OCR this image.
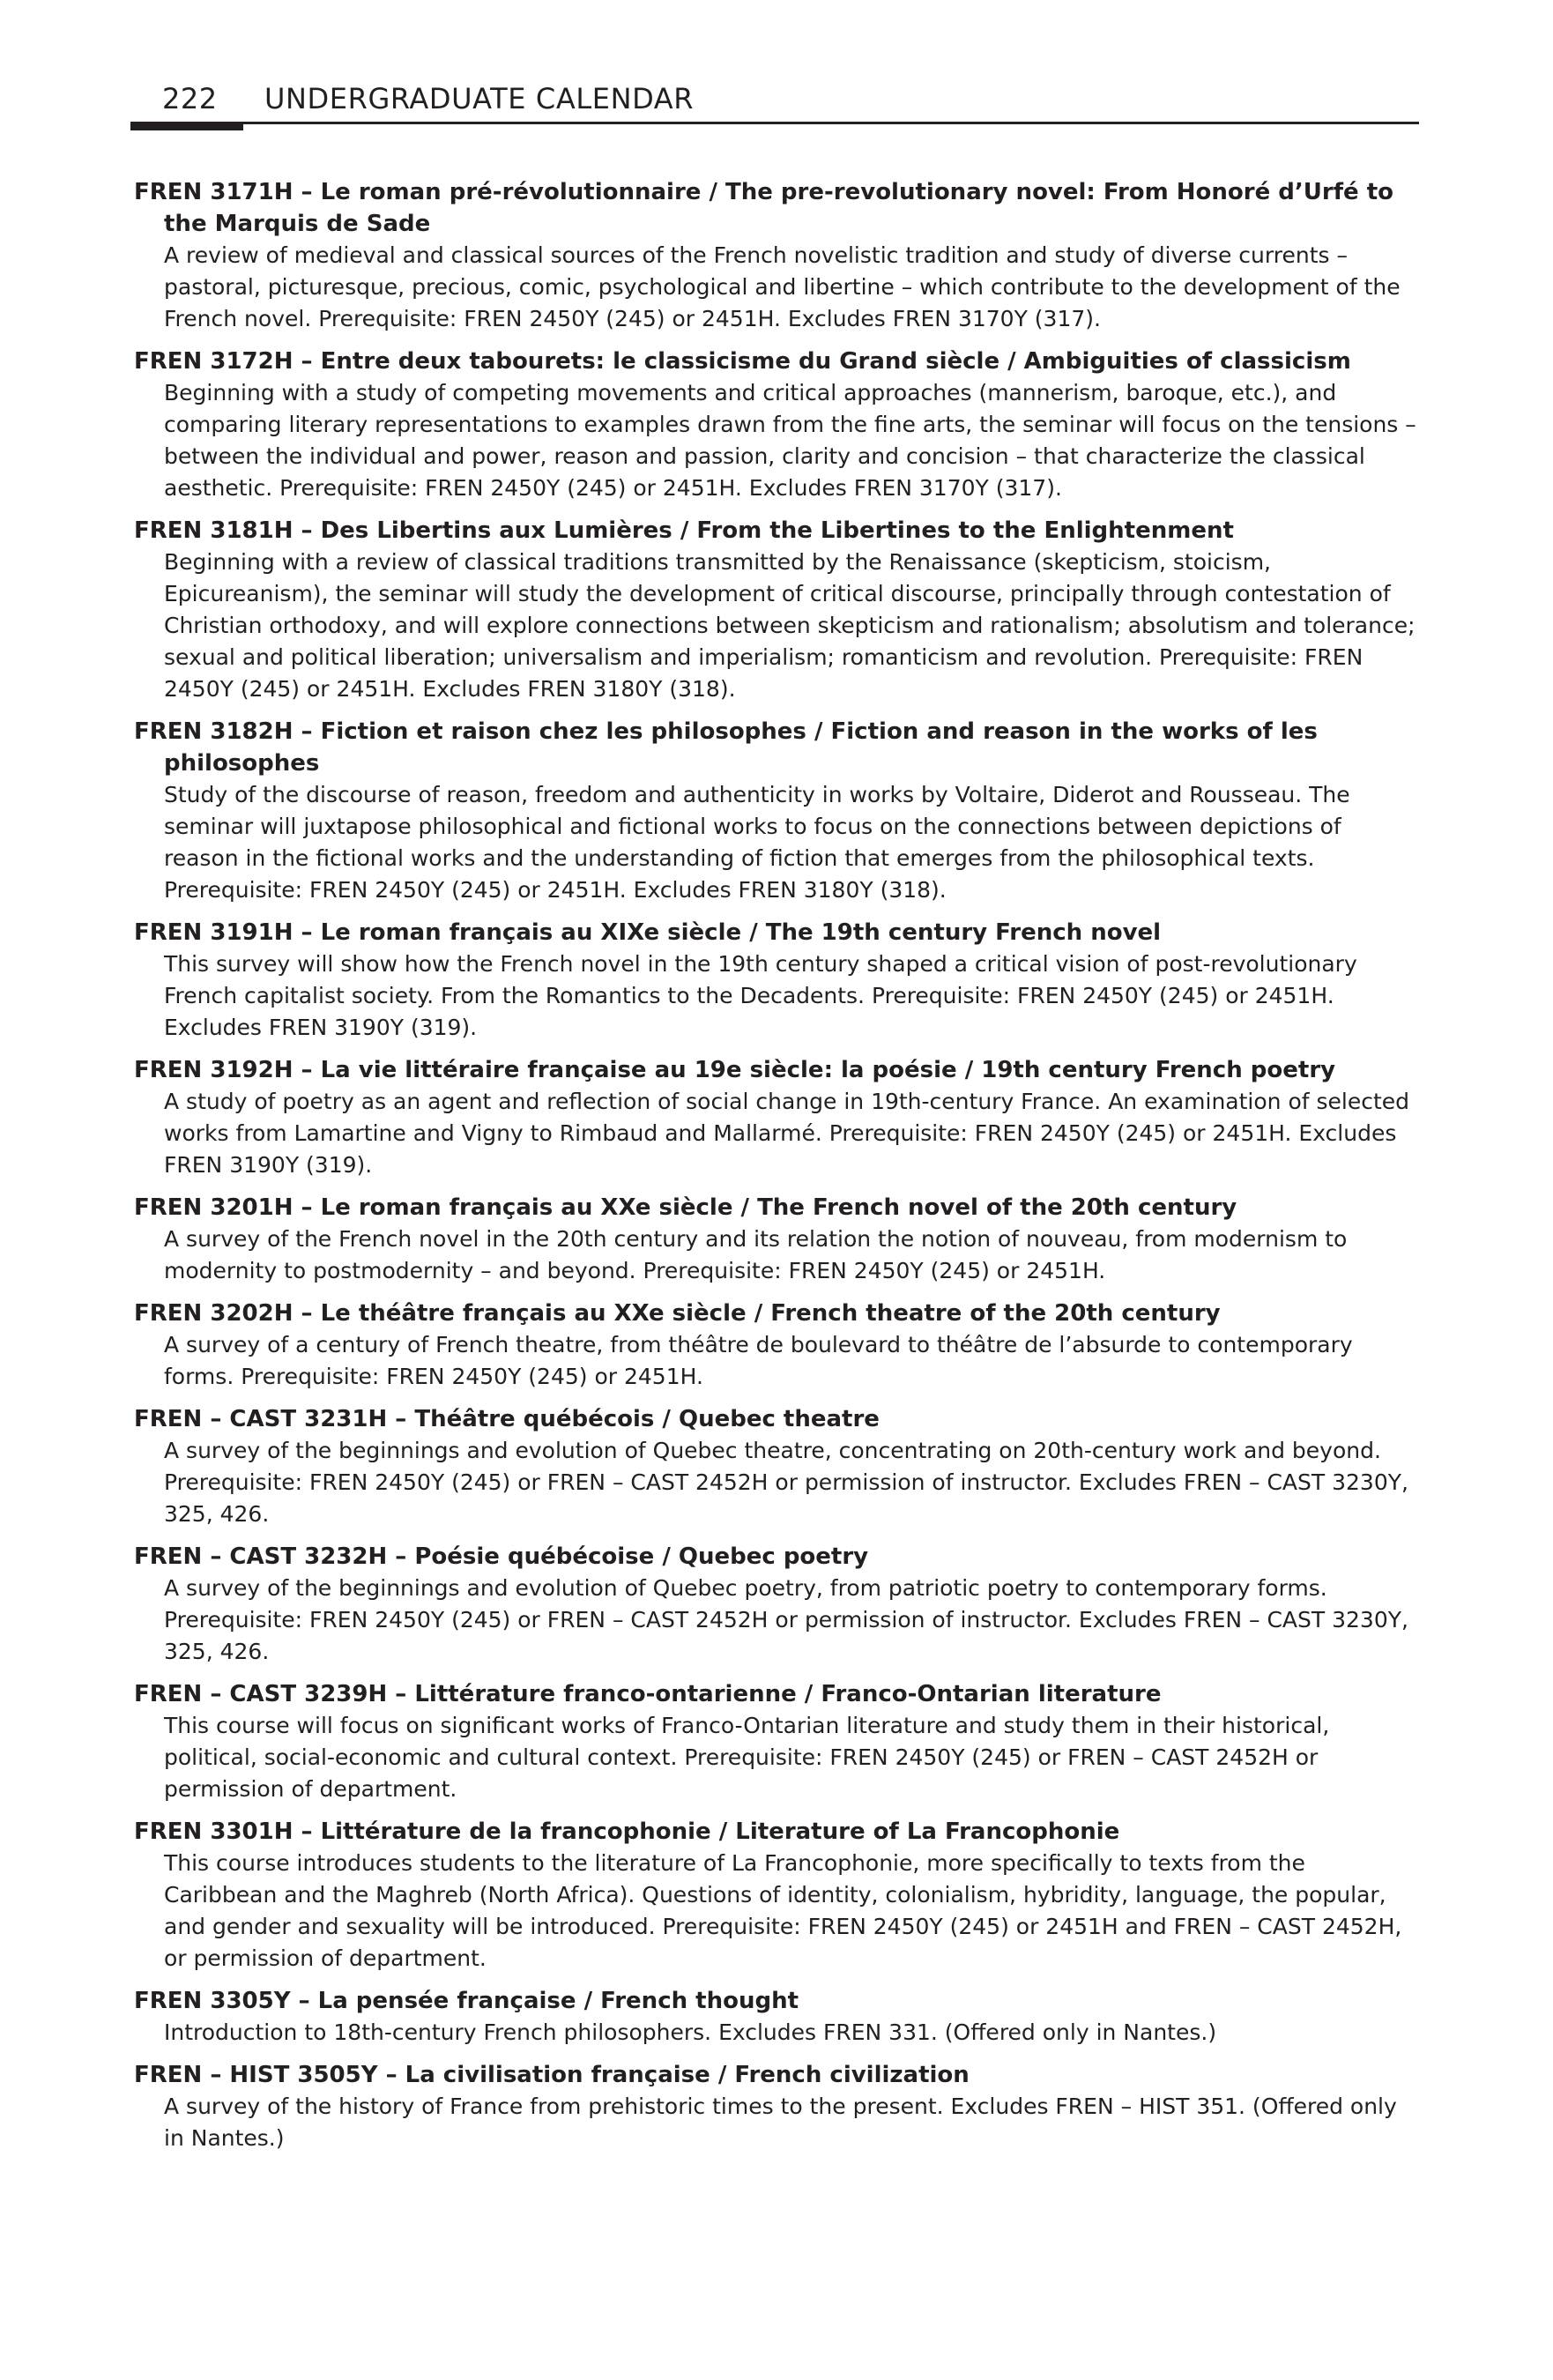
222 UNDERGRADUATE CALENDAR
FREN 3171H – Le roman pré-révolutionnaire / The pre-revolutionary novel: From Honoré d’Urfé to the Marquis de Sade
A review of medieval and classical sources of the French novelistic tradition and study of diverse currents – pastoral, picturesque, precious, comic, psychological and libertine – which contribute to the development of the French novel. Prerequisite: FREN 2450Y (245) or 2451H. Excludes FREN 3170Y (317).
FREN 3172H – Entre deux tabourets: le classicisme du Grand siècle / Ambiguities of classicism
Beginning with a study of competing movements and critical approaches (mannerism, baroque, etc.), and comparing literary representations to examples drawn from the fine arts, the seminar will focus on the tensions – between the individual and power, reason and passion, clarity and concision – that characterize the classical aesthetic. Prerequisite: FREN 2450Y (245) or 2451H. Excludes FREN 3170Y (317).
FREN 3181H – Des Libertins aux Lumières / From the Libertines to the Enlightenment
Beginning with a review of classical traditions transmitted by the Renaissance (skepticism, stoicism, Epicureanism), the seminar will study the development of critical discourse, principally through contestation of Christian orthodoxy, and will explore connections between skepticism and rationalism; absolutism and tolerance; sexual and political liberation; universalism and imperialism; romanticism and revolution. Prerequisite: FREN 2450Y (245) or 2451H. Excludes FREN 3180Y (318).
FREN 3182H – Fiction et raison chez les philosophes / Fiction and reason in the works of les philosophes
Study of the discourse of reason, freedom and authenticity in works by Voltaire, Diderot and Rousseau. The seminar will juxtapose philosophical and fictional works to focus on the connections between depictions of reason in the fictional works and the understanding of fiction that emerges from the philosophical texts. Prerequisite: FREN 2450Y (245) or 2451H. Excludes FREN 3180Y (318).
FREN 3191H – Le roman français au XIXe siècle / The 19th century French novel
This survey will show how the French novel in the 19th century shaped a critical vision of post-revolutionary French capitalist society. From the Romantics to the Decadents. Prerequisite: FREN 2450Y (245) or 2451H. Excludes FREN 3190Y (319).
FREN 3192H – La vie littéraire française au 19e siècle: la poésie / 19th century French poetry
A study of poetry as an agent and reflection of social change in 19th-century France. An examination of selected works from Lamartine and Vigny to Rimbaud and Mallarmé. Prerequisite: FREN 2450Y (245) or 2451H. Excludes FREN 3190Y (319).
FREN 3201H – Le roman français au XXe siècle / The French novel of the 20th century
A survey of the French novel in the 20th century and its relation the notion of nouveau, from modernism to modernity to postmodernity – and beyond. Prerequisite: FREN 2450Y (245) or 2451H.
FREN 3202H – Le théâtre français au XXe siècle / French theatre of the 20th century
A survey of a century of French theatre, from théâtre de boulevard to théâtre de l’absurde to contemporary forms. Prerequisite: FREN 2450Y (245) or 2451H.
FREN – CAST 3231H – Théâtre québécois / Quebec theatre
A survey of the beginnings and evolution of Quebec theatre, concentrating on 20th-century work and beyond. Prerequisite: FREN 2450Y (245) or FREN – CAST 2452H or permission of instructor. Excludes FREN – CAST 3230Y, 325, 426.
FREN – CAST 3232H – Poésie québécoise / Quebec poetry
A survey of the beginnings and evolution of Quebec poetry, from patriotic poetry to contemporary forms. Prerequisite: FREN 2450Y (245) or FREN – CAST 2452H or permission of instructor. Excludes FREN – CAST 3230Y, 325, 426.
FREN – CAST 3239H – Littérature franco-ontarienne / Franco-Ontarian literature
This course will focus on significant works of Franco-Ontarian literature and study them in their historical, political, social-economic and cultural context. Prerequisite: FREN 2450Y (245) or FREN – CAST 2452H or permission of department.
FREN 3301H – Littérature de la francophonie / Literature of La Francophonie
This course introduces students to the literature of La Francophonie, more specifically to texts from the Caribbean and the Maghreb (North Africa). Questions of identity, colonialism, hybridity, language, the popular, and gender and sexuality will be introduced. Prerequisite: FREN 2450Y (245) or 2451H and FREN – CAST 2452H, or permission of department.
FREN 3305Y – La pensée française / French thought
Introduction to 18th-century French philosophers. Excludes FREN 331. (Offered only in Nantes.)
FREN – HIST 3505Y – La civilisation française / French civilization
A survey of the history of France from prehistoric times to the present. Excludes FREN – HIST 351. (Offered only in Nantes.)
